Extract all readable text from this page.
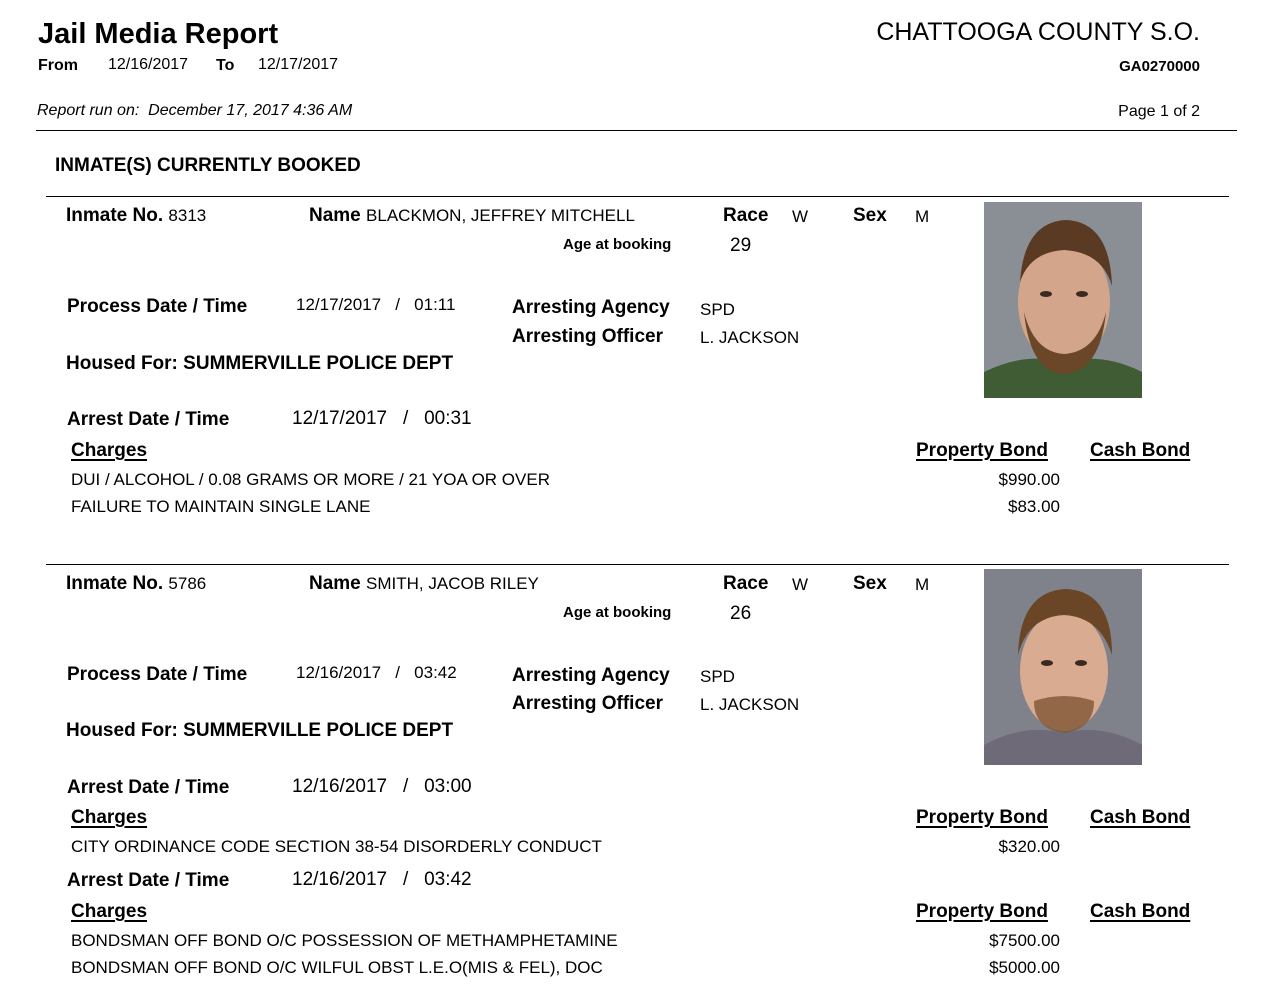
Jail Media Report
From 12/16/2017 To 12/17/2017
CHATTOOGA COUNTY S.O.
GA0270000
Report run on: December 17, 2017 4:36 AM	Page 1 of 2
INMATE(S) CURRENTLY BOOKED
Inmate No. 8313	Name BLACKMON, JEFFREY MITCHELL	Race W Sex M
Age at booking	29
Process Date / Time	12/17/2017 / 01:11	Arresting Agency SPD
Arresting Officer L. JACKSON
Housed For: SUMMERVILLE POLICE DEPT
Arrest Date / Time	12/17/2017 / 00:31
Charges	Property Bond Cash Bond
DUI / ALCOHOL / 0.08 GRAMS OR MORE / 21 YOA OR OVER	$990.00
FAILURE TO MAINTAIN SINGLE LANE	$83.00
Inmate No. 5786	Name SMITH, JACOB RILEY	Race W Sex M
Age at booking	26
Process Date / Time	12/16/2017 / 03:42	Arresting Agency SPD
Arresting Officer L. JACKSON
Housed For: SUMMERVILLE POLICE DEPT
Arrest Date / Time	12/16/2017 / 03:00
Charges	Property Bond Cash Bond
CITY ORDINANCE CODE SECTION 38-54 DISORDERLY CONDUCT	$320.00
Arrest Date / Time	12/16/2017 / 03:42
Charges	Property Bond Cash Bond
BONDSMAN OFF BOND O/C POSSESSION OF METHAMPHETAMINE	$7500.00
BONDSMAN OFF BOND O/C WILFUL OBST L.E.O(MIS & FEL), DOC	$5000.00
